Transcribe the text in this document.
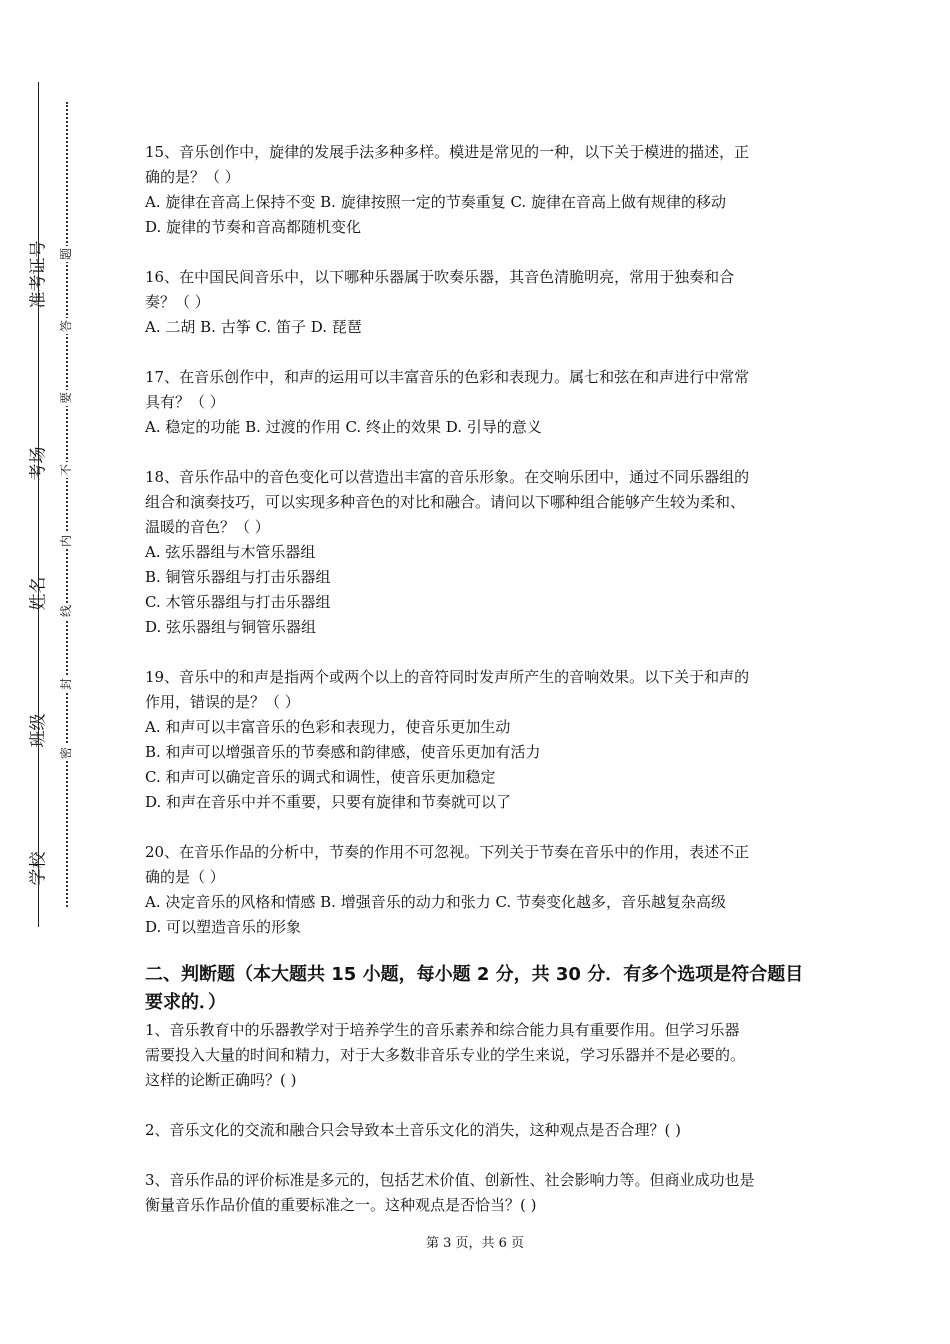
学校
班级
姓名
考场
准考证号
密
封
线
内
不
要
答
题

15、音乐创作中，旋律的发展手法多种多样。模进是常见的一种，以下关于模进的描述，正

确的是？（ ）

A. 旋律在音高上保持不变 B. 旋律按照一定的节奏重复 C. 旋律在音高上做有规律的移动

D. 旋律的节奏和音高都随机变化

16、在中国民间音乐中，以下哪种乐器属于吹奏乐器，其音色清脆明亮，常用于独奏和合

奏？（ ）

A. 二胡 B. 古筝 C. 笛子 D. 琵琶

17、在音乐创作中，和声的运用可以丰富音乐的色彩和表现力。属七和弦在和声进行中常常

具有？（ ）

A. 稳定的功能 B. 过渡的作用 C. 终止的效果 D. 引导的意义

18、音乐作品中的音色变化可以营造出丰富的音乐形象。在交响乐团中，通过不同乐器组的

组合和演奏技巧，可以实现多种音色的对比和融合。请问以下哪种组合能够产生较为柔和、

温暖的音色？（ ）

A. 弦乐器组与木管乐器组

B. 铜管乐器组与打击乐器组

C. 木管乐器组与打击乐器组

D. 弦乐器组与铜管乐器组

19、音乐中的和声是指两个或两个以上的音符同时发声所产生的音响效果。以下关于和声的

作用，错误的是？（ ）

A. 和声可以丰富音乐的色彩和表现力，使音乐更加生动

B. 和声可以增强音乐的节奏感和韵律感，使音乐更加有活力

C. 和声可以确定音乐的调式和调性，使音乐更加稳定

D. 和声在音乐中并不重要，只要有旋律和节奏就可以了

20、在音乐作品的分析中，节奏的作用不可忽视。下列关于节奏在音乐中的作用，表述不正

确的是（ ）

A. 决定音乐的风格和情感 B. 增强音乐的动力和张力 C. 节奏变化越多，音乐越复杂高级

D. 可以塑造音乐的形象

二、判断题（本大题共 15 小题，每小题 2 分，共 30 分．有多个选项是符合题目

要求的．）

1、音乐教育中的乐器教学对于培养学生的音乐素养和综合能力具有重要作用。但学习乐器

需要投入大量的时间和精力，对于大多数非音乐专业的学生来说，学习乐器并不是必要的。

这样的论断正确吗？( )

2、音乐文化的交流和融合只会导致本土音乐文化的消失，这种观点是否合理？( )

3、音乐作品的评价标准是多元的，包括艺术价值、创新性、社会影响力等。但商业成功也是

衡量音乐作品价值的重要标准之一。这种观点是否恰当？( )

第 3 页，共 6 页
